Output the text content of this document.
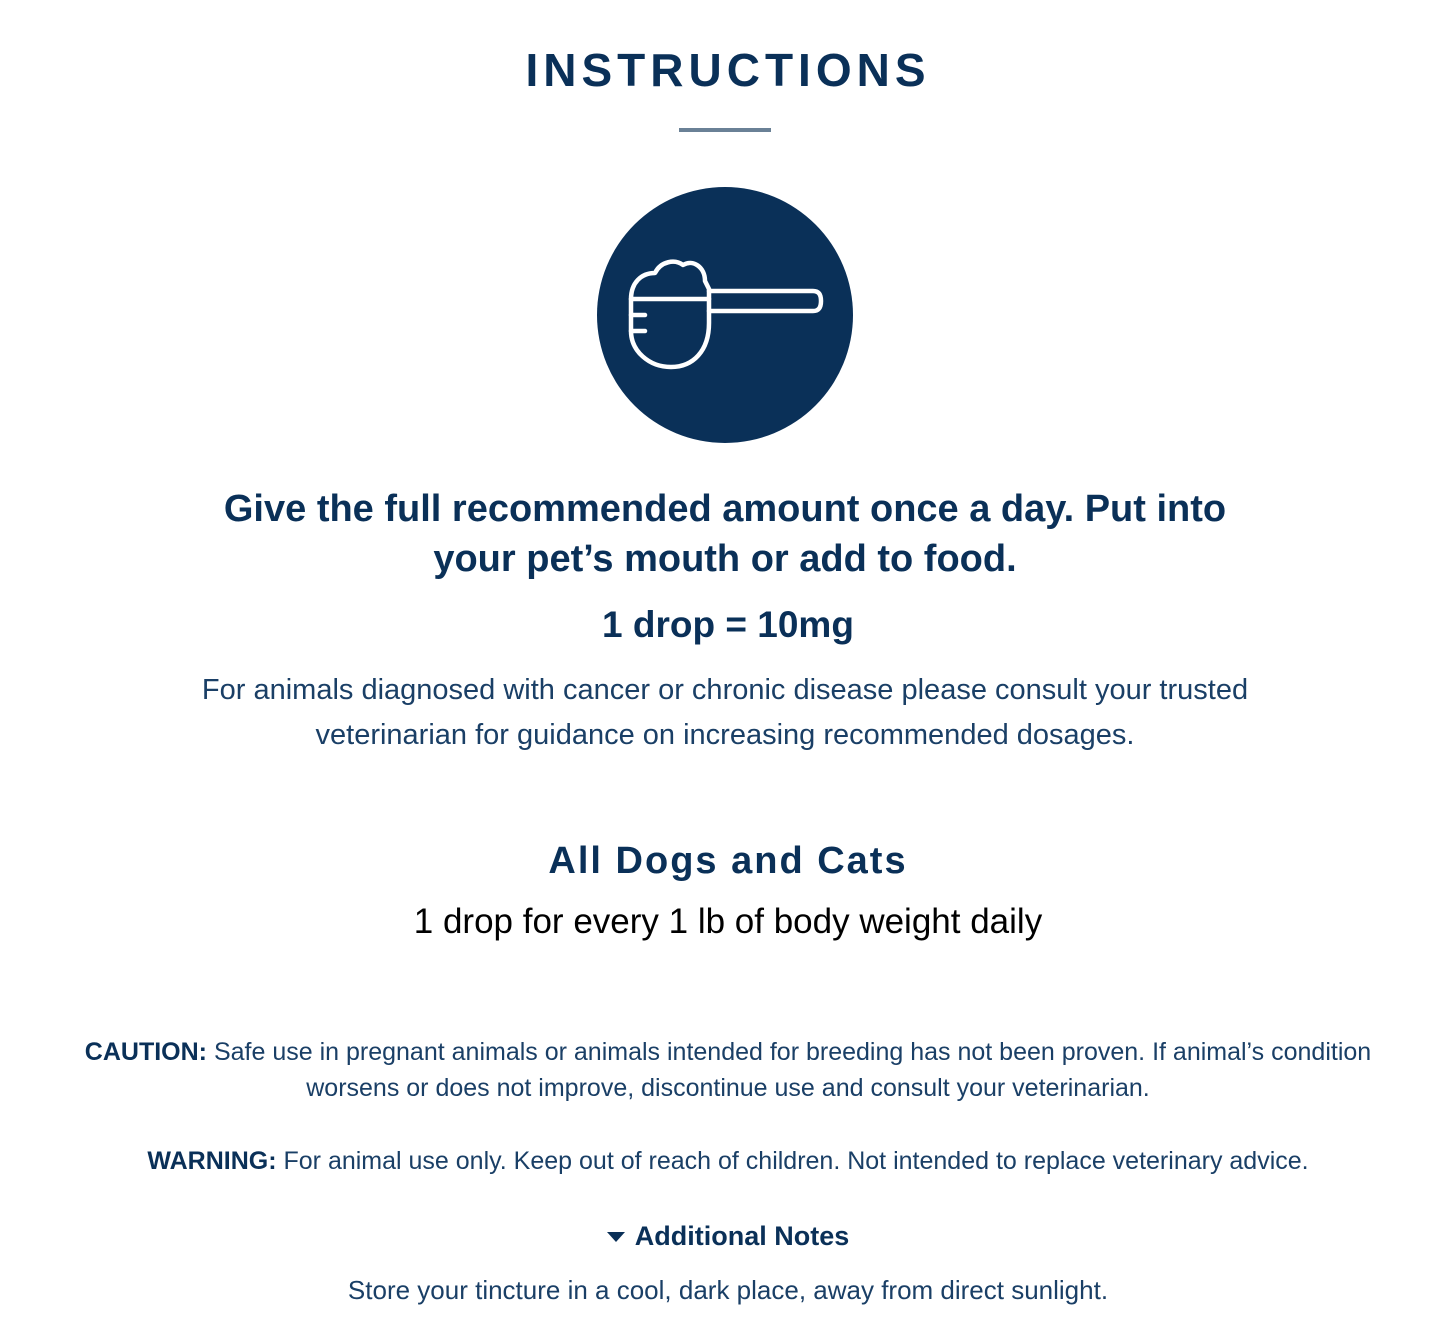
INSTRUCTIONS
Give the full recommended amount once a day. Put into your pet’s mouth or add to food.
1 drop = 10mg
For animals diagnosed with cancer or chronic disease please consult your trusted veterinarian for guidance on increasing recommended dosages.
All Dogs and Cats
1 drop for every 1 lb of body weight daily
CAUTION: Safe use in pregnant animals or animals intended for breeding has not been proven. If animal’s condition worsens or does not improve, discontinue use and consult your veterinarian.
WARNING: For animal use only. Keep out of reach of children. Not intended to replace veterinary advice.
Additional Notes
Store your tincture in a cool, dark place, away from direct sunlight.
